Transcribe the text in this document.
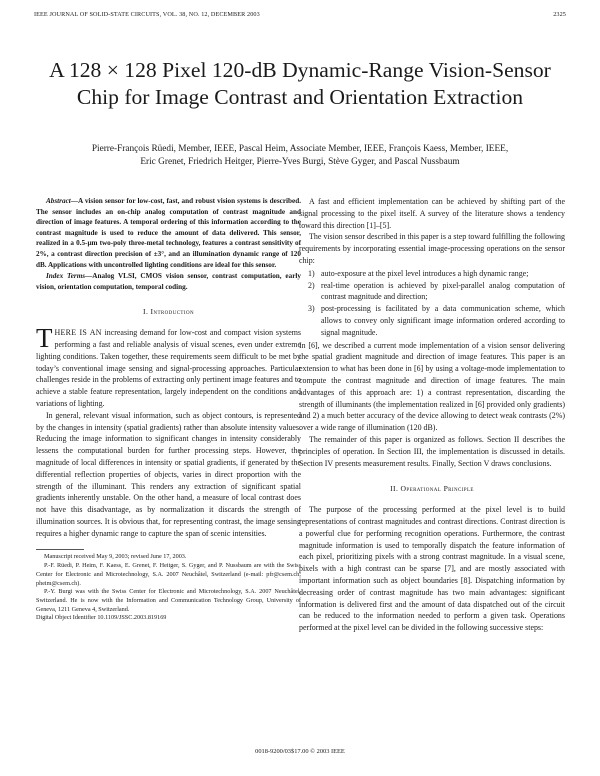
IEEE JOURNAL OF SOLID-STATE CIRCUITS, VOL. 38, NO. 12, DECEMBER 2003	2325
A 128 × 128 Pixel 120-dB Dynamic-Range Vision-Sensor Chip for Image Contrast and Orientation Extraction
Pierre-François Rüedi, Member, IEEE, Pascal Heim, Associate Member, IEEE, François Kaess, Member, IEEE,
Eric Grenet, Friedrich Heitger, Pierre-Yves Burgi, Stève Gyger, and Pascal Nussbaum

Abstract—A vision sensor for low-cost, fast, and robust vision systems is described. The sensor includes an on-chip analog computation of contrast magnitude and direction of image features. A temporal ordering of this information according to the contrast magnitude is used to reduce the amount of data delivered. This sensor, realized in a 0.5-μm two-poly three-metal technology, features a contrast sensitivity of 2%, a contrast direction precision of ±3°, and an illumination dynamic range of 120 dB. Applications with uncontrolled lighting conditions are ideal for this sensor.

Index Terms—Analog VLSI, CMOS vision sensor, contrast computation, early vision, orientation computation, temporal coding.

I. Introduction

THERE IS AN increasing demand for low-cost and compact vision systems performing a fast and reliable analysis of visual scenes, even under extreme lighting conditions. Taken together, these requirements seem difficult to be met by today’s conventional image sensing and signal-processing approaches. Particular challenges reside in the problems of extracting only pertinent image features and to achieve a stable feature representation, largely independent on the conditions and variations of lighting.

In general, relevant visual information, such as object contours, is represented by the changes in intensity (spatial gradients) rather than absolute intensity values. Reducing the image information to significant changes in intensity considerably lessens the computational burden for further processing steps. However, the magnitude of local differences in intensity or spatial gradients, if generated by the differential reflection properties of objects, varies in direct proportion with the strength of the illuminant. This renders any extraction of significant spatial gradients inherently unstable. On the other hand, a measure of local contrast does not have this disadvantage, as by normalization it discards the strength of illumination sources. It is obvious that, for representing contrast, the image sensing requires a higher dynamic range to capture the span of scenic intensities.

Manuscript received May 9, 2003; revised June 17, 2003.

P.-F. Rüedi, P. Heim, F. Kaess, E. Grenet, F. Heitger, S. Gyger, and P. Nussbaum are with the Swiss Center for Electronic and Microtechnology, S.A. 2007 Neuchâtel, Switzerland (e-mail: pfr@csem.ch; pheim@csem.ch).

P.-Y. Burgi was with the Swiss Center for Electronic and Microtechnology, S.A. 2007 Neuchâtel, Switzerland. He is now with the Information and Communication Technology Group, University of Geneva, 1211 Geneva 4, Switzerland.

Digital Object Identifier 10.1109/JSSC.2003.819169

A fast and efficient implementation can be achieved by shifting part of the signal processing to the pixel itself. A survey of the literature shows a tendency toward this direction [1]–[5].

The vision sensor described in this paper is a step toward fulfilling the following requirements by incorporating essential image-processing operations on the sensor chip:

1) auto-exposure at the pixel level introduces a high dynamic range;
2) real-time operation is achieved by pixel-parallel analog computation of contrast magnitude and direction;
3) post-processing is facilitated by a data communication scheme, which allows to convey only significant image information ordered according to signal magnitude.

In [6], we described a current mode implementation of a vision sensor delivering the spatial gradient magnitude and direction of image features. This paper is an extension to what has been done in [6] by using a voltage-mode implementation to compute the contrast magnitude and direction of image features. The main advantages of this approach are: 1) a contrast representation, discarding the strength of illuminants (the implementation realized in [6] provided only gradients) and 2) a much better accuracy of the device allowing to detect weak contrasts (2%) over a wide range of illumination (120 dB).

The remainder of this paper is organized as follows. Section II describes the principles of operation. In Section III, the implementation is discussed in details. Section IV presents measurement results. Finally, Section V draws conclusions.

II. Operational Principle

The purpose of the processing performed at the pixel level is to build representations of contrast magnitudes and contrast directions. Contrast direction is a powerful clue for performing recognition operations. Furthermore, the contrast magnitude information is used to temporally dispatch the feature information of each pixel, prioritizing pixels with a strong contrast magnitude. In a visual scene, pixels with a high contrast can be sparse [7], and are mostly associated with important information such as object boundaries [8]. Dispatching information by decreasing order of contrast magnitude has two main advantages: significant information is delivered first and the amount of data dispatched out of the circuit can be reduced to the information needed to perform a given task. Operations performed at the pixel level can be divided in the following successive steps:

0018-9200/03$17.00 © 2003 IEEE
